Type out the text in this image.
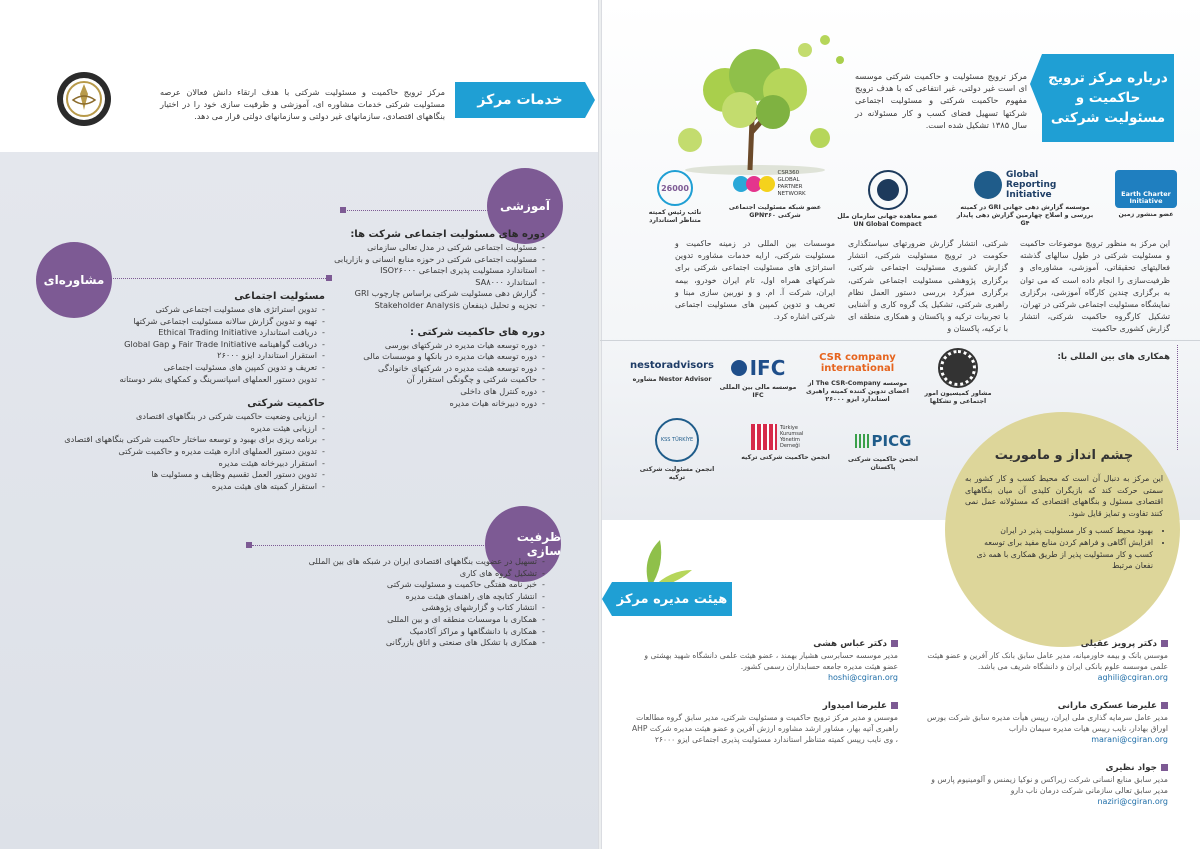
مرکز ترویج حاکمیت و مسئولیت شرکتی با هدف ارتقاء دانش فعالان عرصه مسئولیت شرکتی خدمات مشاوره ای، آموزشی و ظرفیت سازی خود را در اختیار بنگاههای اقتصادی، سازمانهای غیر دولتی و سازمانهای دولتی قرار می دهد.
خدمات مرکز
آموزشی
دوره های مسئولیت اجتماعی شرکت ها:
- مسئولیت اجتماعی شرکتی در مدل تعالی سازمانی
- مسئولیت اجتماعی شرکتی در حوزه منابع انسانی و بازاریابی
- استاندارد مسئولیت پذیری اجتماعی ISO۲۶۰۰۰
- استاندارد SA۸۰۰۰
- گزارش دهی مسئولیت شرکتی براساس چارچوب GRI
- تجزیه و تحلیل ذینفعان Stakeholder Analysis
دوره های حاکمیت شرکتی :
- دوره توسعه هیات مدیره در شرکتهای بورسی
- دوره توسعه هیات مدیره در بانکها و موسسات مالی
- دوره توسعه هیئت مدیره در شرکتهای خانوادگی
- حاکمیت شرکتی و چگونگی استقرار آن
- دوره کنترل های داخلی
- دوره دبیرخانه هیات مدیره
مشاوره‌ای
مسئولیت اجتماعی
- تدوین استراتژی های مسئولیت اجتماعی شرکتی
- تهیه و تدوین گزارش سالانه مسئولیت اجتماعی شرکتها
- دریافت استاندارد Ethical Trading Initiative
- دریافت گواهینامه Fair Trade Initiative و Global Gap
- استقرار استاندارد ایزو ۲۶۰۰۰
- تعریف و تدوین کمپین های مسئولیت اجتماعی
- تدوین دستور العملهای اسپانسرینگ و کمکهای بشر دوستانه
حاکمیت شرکتی
- ارزیابی وضعیت حاکمیت شرکتی در بنگاههای اقتصادی
- ارزیابی هیئت مدیره
- برنامه ریزی برای بهبود و توسعه ساختار حاکمیت شرکتی بنگاههای اقتصادی
- تدوین دستور العملهای اداره هیئت مدیره و حاکمیت شرکتی
- استقرار دبیرخانه هیئت مدیره
- تدوین دستور العمل تقسیم وظایف و مسئولیت ها
- استقرار کمیته های هیئت مدیره
ظرفیت سازی
- تسهیل در عضویت بنگاههای اقتصادی ایران در شبکه های بین المللی
- تشکیل گروه های کاری
- خبر نامه هفتگی حاکمیت و مسئولیت شرکتی
- انتشار کتابچه های راهنمای هیئت مدیره
- انتشار کتاب و گزارشهای پژوهشی
- همکاری با موسسات منطقه ای و بین المللی
- همکاری با دانشگاهها و مراکز آکادمیک
- همکاری با تشکل های صنعتی و اتاق بازرگانی
مرکز ترویج مسئولیت و حاکمیت شرکتی موسسه ای است غیر دولتی، غیر انتفاعی که با هدف ترویج مفهوم حاکمیت شرکتی و مسئولیت اجتماعی شرکتها تسهیل فضای کسب و کار مسئولانه در سال ۱۳۸۵ تشکیل شده است.
درباره مرکز ترویج حاکمیت و مسئولیت شرکتی
Earth Charter Initiative
عضو منشور زمین
Global Reporting Initiative
موسسه گزارش دهی جهانی GRI در کمیته بررسی و اصلاح چهارمین گزارش دهی پایدار G۴
عضو معاهده جهانی سازمان ملل UN Global Compact
CSR360 GLOBAL PARTNER NETWORK
عضو شبکه مسئولیت اجتماعی شرکتی GPN۳۶۰
26000
نائب رئیس کمیته متناظر استاندارد
این مرکز به منظور ترویج موضوعات حاکمیت و مسئولیت شرکتی در طول سالهای گذشته فعالیتهای تحقیقاتی، آموزشی، مشاوره‌ای و ظرفیت‌سازی را انجام داده است که می توان به برگزاری چندین کارگاه آموزشی، برگزاری نمایشگاه مسئولیت اجتماعی شرکتی در تهران، تشکیل کارگروه حاکمیت شرکتی، انتشار گزارش کشوری حاکمیت
شرکتی، انتشار گزارش ضرورتهای سیاستگذاری حکومت در ترویج مسئولیت شرکتی، انتشار گزارش کشوری مسئولیت اجتماعی شرکتی، برگزاری پژوهشی مسئولیت اجتماعی شرکتی، برگزاری میزگرد بررسی دستور العمل نظام راهبری شرکتی، تشکیل یک گروه کاری و آشنایی با تجربیات ترکیه و پاکستان و همکاری منطقه ای با ترکیه، پاکستان و
موسسات بین المللی در زمینه حاکمیت و مسئولیت شرکتی، ارایه خدمات مشاوره تدوین استراتژی های مسئولیت اجتماعی شرکتی برای شرکتهای همراه اول، تام ایران خودرو، بیمه ایران، شرکت آ. ام. و و نوربین سازی مبنا و تعریف و تدوین کمپین های مسئولیت اجتماعی شرکتی اشاره کرد.
همکاری های بین المللی با:
مشاور کمیسیون امور اجتماعی و تشکلها
CSR company international
موسسه The CSR-Company از اعضای تدوین کننده کمیته راهبری استاندارد ایزو ۲۶۰۰۰
IFC
موسسه مالی بین المللی IFC
nestoradvisors
Nestor Advisor مشاوره
PICG
انجمن حاکمیت شرکتی پاکستان
Türkiye Kurumsal Yönetim Derneği
انجمن حاکمیت شرکتی ترکیه
KSS TÜRKİYE
انجمن مسئولیت شرکتی ترکیه
چشم انداز و ماموریت
این مرکز به دنبال آن است که محیط کسب و کار کشور به سمتی حرکت کند که بازیگران کلیدی آن میان بنگاههای اقتصادی مسئول و بنگاههای اقتصادی که مسئولانه عمل نمی کنند تفاوت و تمایز قایل شود.
• بهبود محیط کسب و کار مسئولیت پذیر در ایران
• افزایش آگاهی و فراهم کردن منابع مفید برای توسعه کسب و کار مسئولیت پذیر از طریق همکاری با همه ذی نفعان مرتبط
هیئت مدیره مرکز
دکتر پرویز عقیلی
موسس بانک و بیمه خاورمیانه، مدیر عامل سابق بانک کار آفرین و عضو هیئت علمی موسسه علوم بانکی ایران و دانشگاه شریف می باشد.
aghili@cgiran.org
دکتر عباس هشی
مدیر موسسه حسابرسی هشیار بهمند ، عضو هیئت علمی دانشگاه شهید بهشتی و عضو هیئت مدیره جامعه حسابداران رسمی کشور.
hoshi@cgiran.org
علیرضا عسکری مارانی
مدیر عامل سرمایه گذاری ملی ایران، رییس هیأت مدیره سابق شرکت بورس اوراق بهادار، نایب رییس هیات مدیره سیمان داراب
marani@cgiran.org
علیرضا امیدوار
موسس و مدیر مرکز ترویج حاکمیت و مسئولیت شرکتی، مدیر سابق گروه مطالعات راهبری آتیه بهار، مشاور ارشد مشاوره ارزش آفرین و عضو هیئت مدیره شرکت AHP ، وی نایب رییس کمیته متناظر استاندارد مسئولیت پذیری اجتماعی ایزو ۲۶۰۰۰
جواد نظیری
مدیر سابق منابع انسانی شرکت زیراکس و نوکیا زیمنس و آلومینیوم پارس و مدیر سابق تعالی سازمانی شرکت درمان ناب دارو
naziri@cgiran.org
